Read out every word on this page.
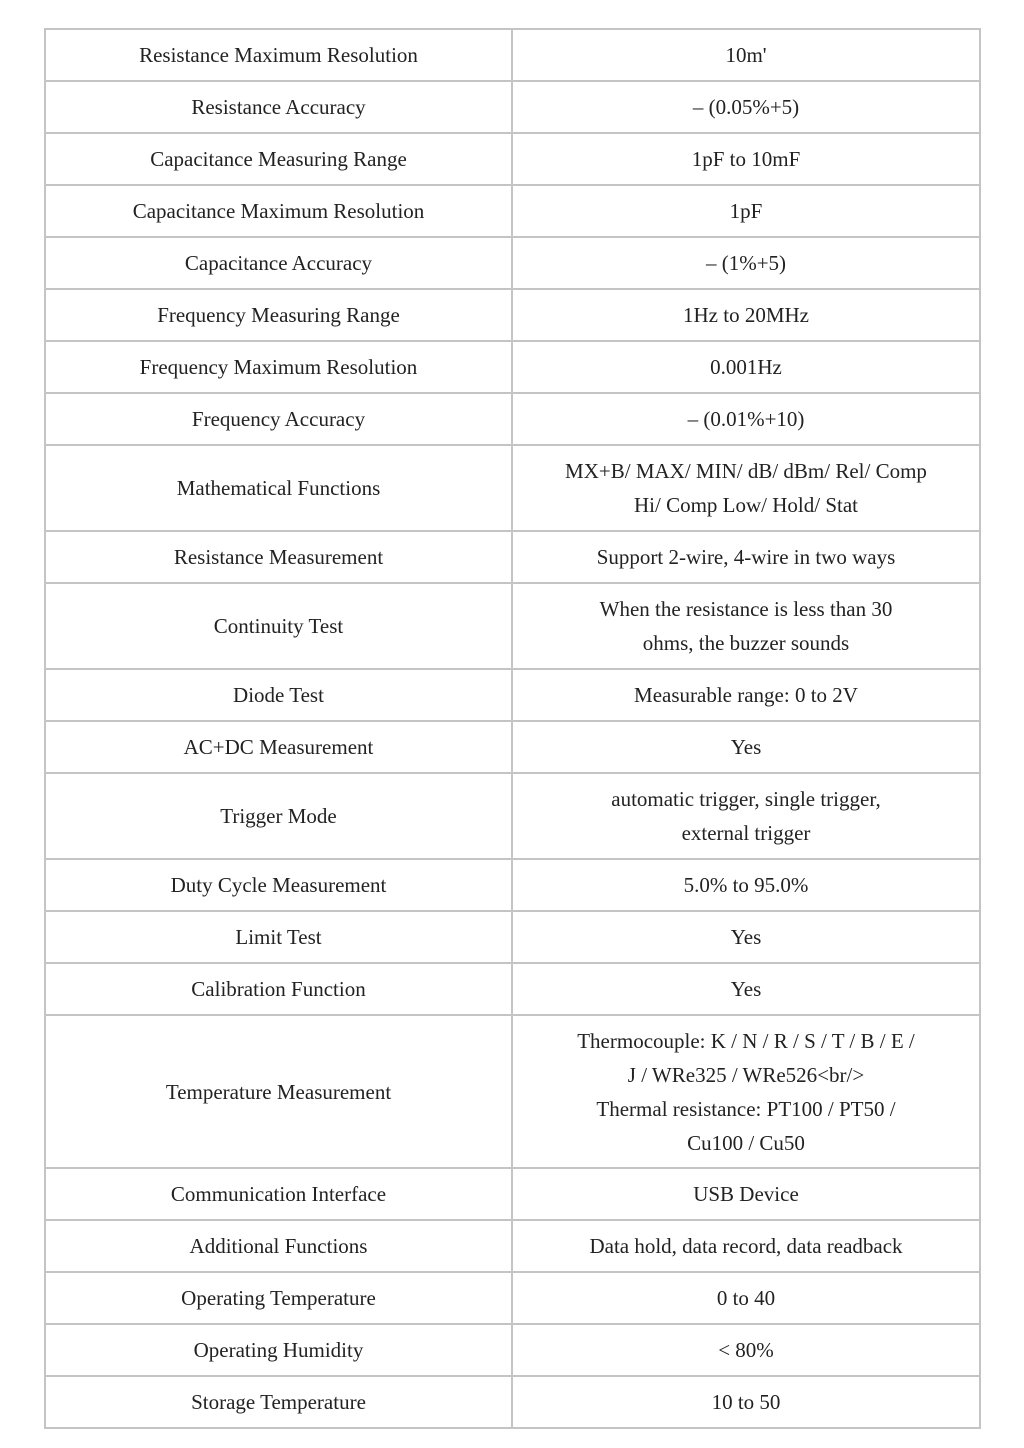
Resistance Maximum Resolution	10m'

Resistance Accuracy	– (0.05%+5)

Capacitance Measuring Range	1pF to 10mF

Capacitance Maximum Resolution	1pF

Capacitance Accuracy	– (1%+5)

Frequency Measuring Range	1Hz to 20MHz

Frequency Maximum Resolution	0.001Hz

Frequency Accuracy	– (0.01%+10)

Mathematical Functions	MX+B/ MAX/ MIN/ dB/ dBm/ Rel/ Comp
Hi/ Comp Low/ Hold/ Stat

Resistance Measurement	Support 2-wire, 4-wire in two ways

Continuity Test	When the resistance is less than 30
ohms, the buzzer sounds

Diode Test	Measurable range: 0 to 2V

AC+DC Measurement	Yes

Trigger Mode	automatic trigger, single trigger,
external trigger

Duty Cycle Measurement	5.0% to 95.0%

Limit Test	Yes

Calibration Function	Yes

Temperature Measurement	Thermocouple: K / N / R / S / T / B / E /
J / WRe325 / WRe526<br/>
Thermal resistance: PT100 / PT50 /
Cu100 / Cu50

Communication Interface	USB Device

Additional Functions	Data hold, data record, data readback

Operating Temperature	0 to 40

Operating Humidity	< 80%

Storage Temperature	10 to 50
